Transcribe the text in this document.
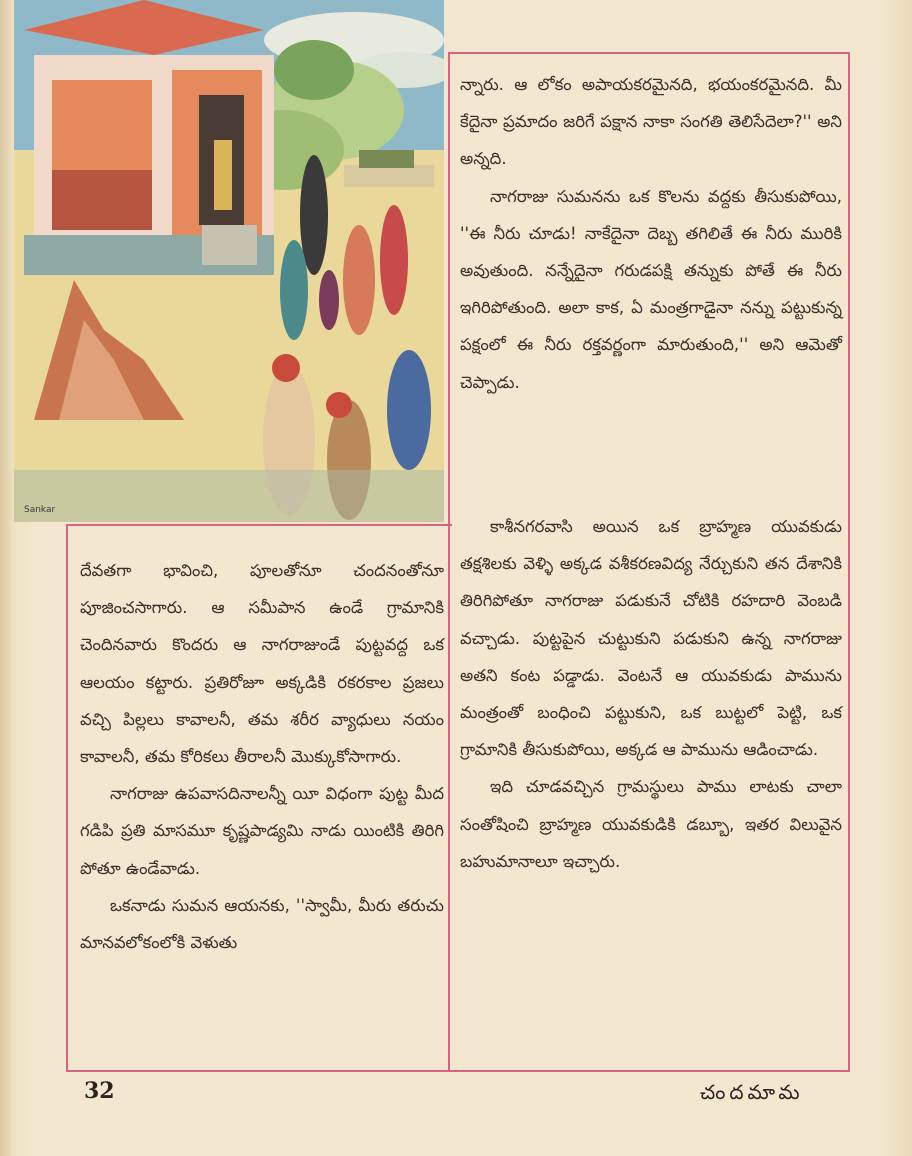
Sankar

న్నారు. ఆ లోకం అపాయకరమైనది, భయంకరమైనది. మీ కేదైనా ప్రమాదం జరిగే పక్షాన నాకా సంగతి తెలిసేదెలా?'' అని అన్నది.

నాగరాజు సుమనను ఒక కొలను వద్దకు తీసుకుపోయి, ''ఈ నీరు చూడు! నాకేదైనా దెబ్బ తగిలితే ఈ నీరు మురికి అవుతుంది. నన్నేదైనా గరుడపక్షి తన్నుకు పోతే ఈ నీరు ఇగిరిపోతుంది. అలా కాక, ఏ మంత్రగాడైనా నన్ను పట్టుకున్న పక్షంలో ఈ నీరు రక్తవర్ణంగా మారుతుంది,'' అని ఆమెతో చెప్పాడు.

కాశీనగరవాసి అయిన ఒక బ్రాహ్మణ యువకుడు తక్షశిలకు వెళ్ళి అక్కడ వశీకరణవిద్య నేర్చుకుని తన దేశానికి తిరిగిపోతూ నాగరాజు పడుకునే చోటికి రహదారి వెంబడి వచ్చాడు. పుట్టపైన చుట్టుకుని పడుకుని ఉన్న నాగరాజు అతని కంట పడ్డాడు. వెంటనే ఆ యువకుడు పామును మంత్రంతో బంధించి పట్టుకుని, ఒక బుట్టలో పెట్టి, ఒక గ్రామానికి తీసుకుపోయి, అక్కడ ఆ పామును ఆడించాడు.

ఇది చూడవచ్చిన గ్రామస్థులు పాము లాటకు చాలా సంతోషించి బ్రాహ్మణ యువకుడికి డబ్బూ, ఇతర విలువైన బహుమానాలూ ఇచ్చారు.

దేవతగా భావించి, పూలతోనూ చందనంతోనూ పూజించసాగారు. ఆ సమీపాన ఉండే గ్రామానికి చెందినవారు కొందరు ఆ నాగరాజుండే పుట్టవద్ద ఒక ఆలయం కట్టారు. ప్రతిరోజూ అక్కడికి రకరకాల ప్రజలు వచ్చి పిల్లలు కావాలనీ, తమ శరీర వ్యాధులు నయం కావాలనీ, తమ కోరికలు తీరాలనీ మొక్కుకోసాగారు.

నాగరాజు ఉపవాసదినాలన్నీ యీ విధంగా పుట్ట మీద గడిపి ప్రతి మాసమూ కృష్ణపాడ్యమి నాడు యింటికి తిరిగి పోతూ ఉండేవాడు.

ఒకనాడు సుమన ఆయనకు, ''స్వామీ, మీరు తరుచు మానవలోకంలోకి వెళుతు

32	చందమామ
